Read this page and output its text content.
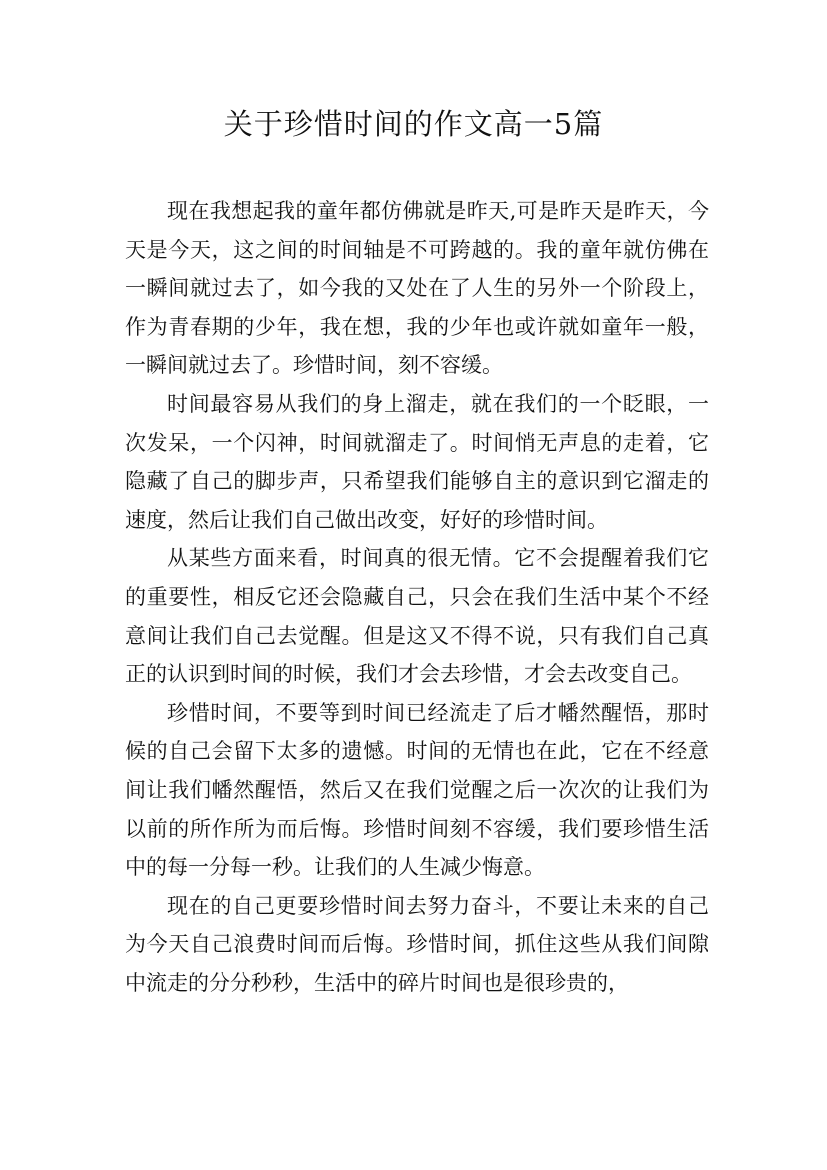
关于珍惜时间的作文高一5篇

现在我想起我的童年都仿佛就是昨天,可是昨天是昨天，今天是今天，这之间的时间轴是不可跨越的。我的童年就仿佛在一瞬间就过去了，如今我的又处在了人生的另外一个阶段上，作为青春期的少年，我在想，我的少年也或许就如童年一般，一瞬间就过去了。珍惜时间，刻不容缓。

时间最容易从我们的身上溜走，就在我们的一个眨眼，一次发呆，一个闪神，时间就溜走了。时间悄无声息的走着，它隐藏了自己的脚步声，只希望我们能够自主的意识到它溜走的速度，然后让我们自己做出改变，好好的珍惜时间。

从某些方面来看，时间真的很无情。它不会提醒着我们它的重要性，相反它还会隐藏自己，只会在我们生活中某个不经意间让我们自己去觉醒。但是这又不得不说，只有我们自己真正的认识到时间的时候，我们才会去珍惜，才会去改变自己。

珍惜时间，不要等到时间已经流走了后才幡然醒悟，那时候的自己会留下太多的遗憾。时间的无情也在此，它在不经意间让我们幡然醒悟，然后又在我们觉醒之后一次次的让我们为以前的所作所为而后悔。珍惜时间刻不容缓，我们要珍惜生活中的每一分每一秒。让我们的人生减少悔意。

现在的自己更要珍惜时间去努力奋斗，不要让未来的自己为今天自己浪费时间而后悔。珍惜时间，抓住这些从我们间隙中流走的分分秒秒，生活中的碎片时间也是很珍贵的，
